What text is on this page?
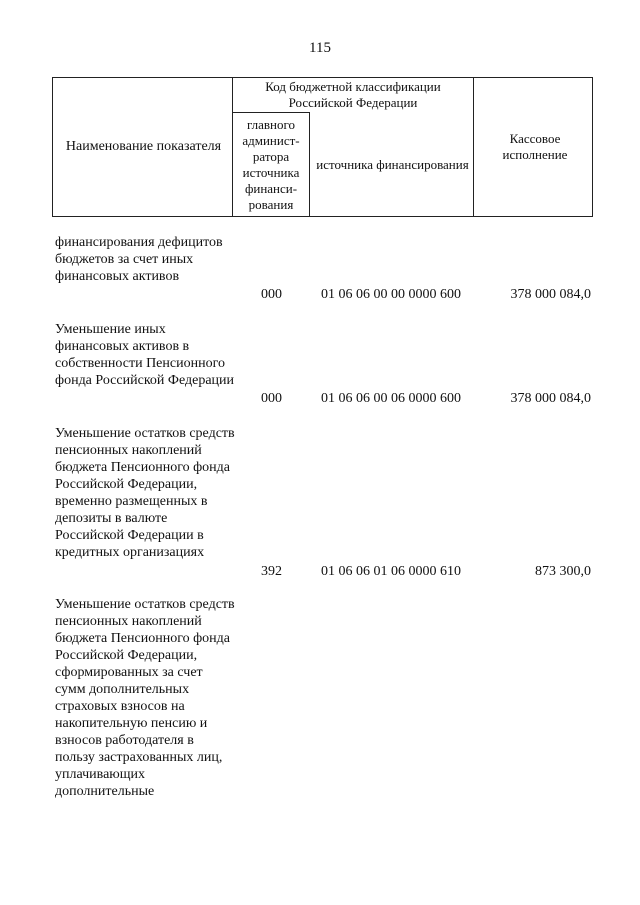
115
Наименование показателя
Код бюджетной классификации Российской Федерации
главного админист-ратора источника финанси-рования
источника финансирования
Кассовое исполнение
финансирования дефицитов бюджетов за счет иных финансовых активов
000	01 06 06 00 00 0000 600	378 000 084,0
Уменьшение иных финансовых активов в собственности Пенсионного фонда Российской Федерации
000	01 06 06 00 06 0000 600	378 000 084,0
Уменьшение остатков средств пенсионных накоплений бюджета Пенсионного фонда Российской Федерации, временно размещенных в депозиты в валюте Российской Федерации в кредитных организациях
392	01 06 06 01 06 0000 610	873 300,0
Уменьшение остатков средств пенсионных накоплений бюджета Пенсионного фонда Российской Федерации, сформированных за счет сумм дополнительных страховых взносов на накопительную пенсию и взносов работодателя в пользу застрахованных лиц, уплачивающих дополнительные
